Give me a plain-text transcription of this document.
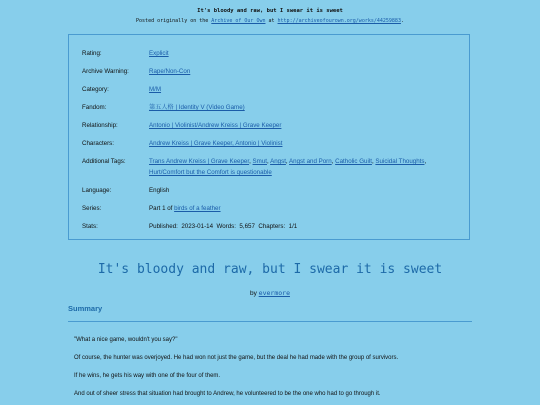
It's bloody and raw, but I swear it is sweet
Posted originally on the Archive of Our Own at http://archiveofourown.org/works/44259883.
Rating:	Explicit
Archive Warning:	Rape/Non-Con
Category:	M/M
Fandom:	第五人格 | Identity V (Video Game)
Relationship:	Antonio | Violinist/Andrew Kreiss | Grave Keeper
Characters:	Andrew Kreiss | Grave Keeper, Antonio | Violinist
Additional Tags:	Trans Andrew Kreiss | Grave Keeper, Smut, Angst, Angst and Porn, Catholic Guilt, Suicidal Thoughts, Hurt/Comfort but the Comfort is questionable
Language:	English
Series:	Part 1 of birds of a feather
Stats:	Published: 2023-01-14 Words: 5,657 Chapters: 1/1
It's bloody and raw, but I swear it is sweet
by evermore
Summary
"What a nice game, wouldn't you say?"
Of course, the hunter was overjoyed. He had won not just the game, but the deal he had made with the group of survivors.
If he wins, he gets his way with one of the four of them.
And out of sheer stress that situation had brought to Andrew, he volunteered to be the one who had to go through it.
